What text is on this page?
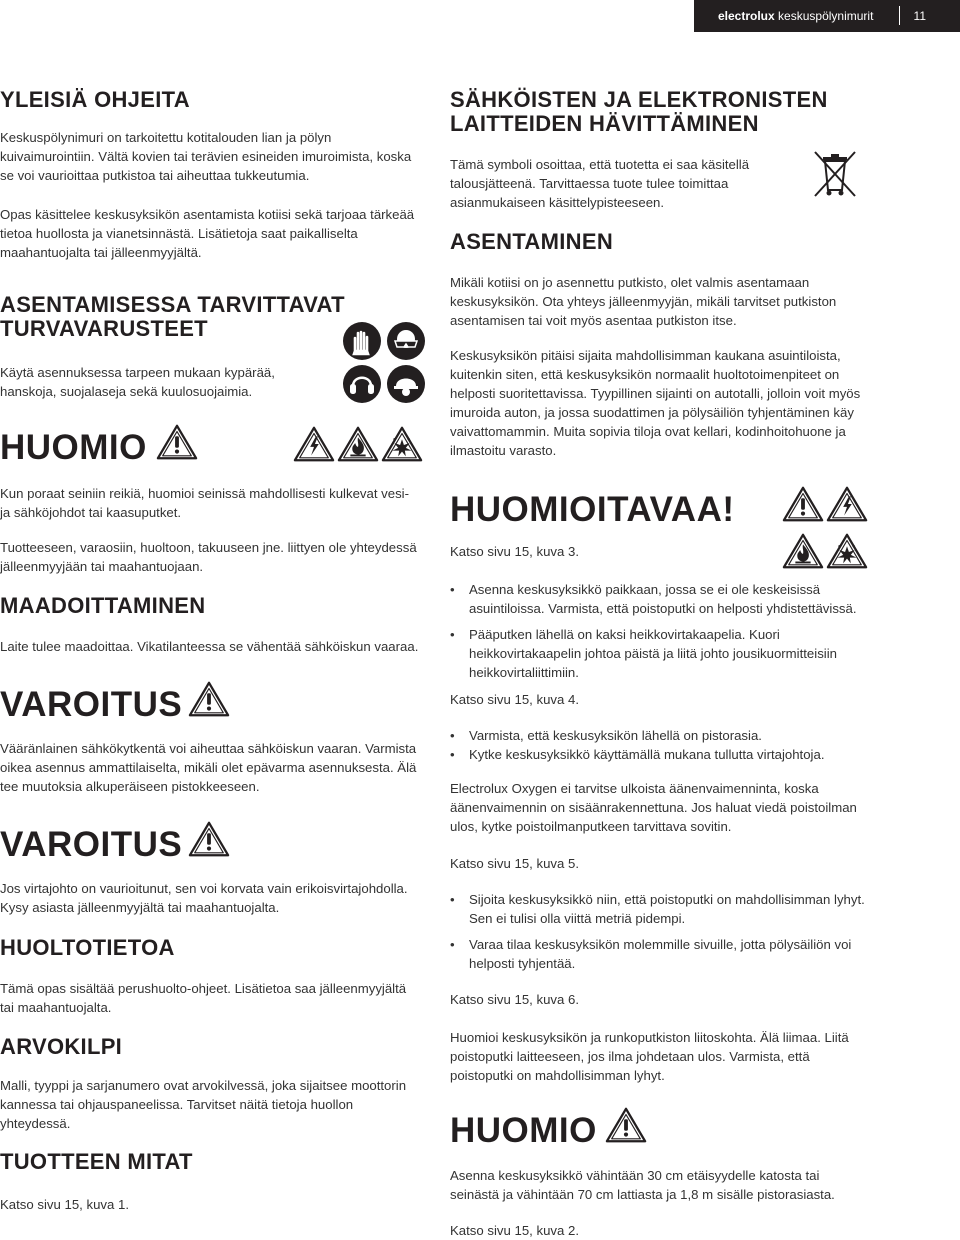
electrolux keskuspölynimurit	11
YLEISIÄ OHJEITA

Keskuspölynimuri on tarkoitettu kotitalouden lian ja pölyn kuivaimurointiin. Vältä kovien tai terävien esineiden imuroimista, koska se voi vaurioittaa putkistoa tai aiheuttaa tukkeutumia.

Opas käsittelee keskusyksikön asentamista kotiisi sekä tarjoaa tärkeää tietoa huollosta ja vianetsinnästä. Lisätietoja saat paikalliselta maahantuojalta tai jälleenmyyjältä.

ASENTAMISESSA TARVITTAVAT
TURVAVARUSTEET

Käytä asennuksessa tarpeen mukaan kypärää, hanskoja, suojalaseja sekä kuulosuojaimia.

HUOMIO

Kun poraat seiniin reikiä, huomioi seinissä mahdollisesti kulkevat vesi- ja sähköjohdot tai kaasuputket.

Tuotteeseen, varaosiin, huoltoon, takuuseen jne. liittyen ole yhteydessä jälleenmyyjään tai maahantuojaan.

MAADOITTAMINEN

Laite tulee maadoittaa. Vikatilanteessa se vähentää sähköiskun vaaraa.

VAROITUS

Vääränlainen sähkökytkentä voi aiheuttaa sähköiskun vaaran. Varmista oikea asennus ammattilaiselta, mikäli olet epävarma asennuksesta. Älä tee muutoksia alkuperäiseen pistokkeeseen.

VAROITUS

Jos virtajohto on vaurioitunut, sen voi korvata vain erikoisvirtajohdolla. Kysy asiasta jälleenmyyjältä tai maahantuojalta.

HUOLTOTIETOA

Tämä opas sisältää perushuolto-ohjeet. Lisätietoa saa jälleenmyyjältä tai maahantuojalta.

ARVOKILPI

Malli, tyyppi ja sarjanumero ovat arvokilvessä, joka sijaitsee moottorin kannessa tai ohjauspaneelissa. Tarvitset näitä tietoja huollon yhteydessä.

TUOTTEEN MITAT

Katso sivu 15, kuva 1.

SÄHKÖISTEN JA ELEKTRONISTEN
LAITTEIDEN HÄVITTÄMINEN

Tämä symboli osoittaa, että tuotetta ei saa käsitellä talousjätteenä. Tarvittaessa tuote tulee toimittaa asianmukaiseen käsittelypisteeseen.

ASENTAMINEN

Mikäli kotiisi on jo asennettu putkisto, olet valmis asentamaan keskusyksikön. Ota yhteys jälleenmyyjän, mikäli tarvitset putkiston asentamisen tai voit myös asentaa putkiston itse.

Keskusyksikön pitäisi sijaita mahdollisimman kaukana asuintiloista, kuitenkin siten, että keskusyksikön normaalit huoltotoimenpiteet on helposti suoritettavissa. Tyypillinen sijainti on autotalli, jolloin voit myös imuroida auton, ja jossa suodattimen ja pölysäiliön tyhjentäminen käy vaivattomammin. Muita sopivia tiloja ovat kellari, kodinhoitohuone ja ilmastoitu varasto.

HUOMIOITAVAA!

Katso sivu 15, kuva 3.

• Asenna keskusyksikkö paikkaan, jossa se ei ole keskeisissä asuintiloissa. Varmista, että poistoputki on helposti yhdistettävissä.
• Pääputken lähellä on kaksi heikkovirtakaapelia. Kuori heikkovirtakaapelin johtoa päistä ja liitä johto jousikuormitteisiin heikkovirtaliittimiin.

Katso sivu 15, kuva 4.

• Varmista, että keskusyksikön lähellä on pistorasia.
• Kytke keskusyksikkö käyttämällä mukana tullutta virtajohtoja.

Electrolux Oxygen ei tarvitse ulkoista äänenvaimenninta, koska äänenvaimennin on sisäänrakennettuna. Jos haluat viedä poistoilman ulos, kytke poistoilmanputkeen tarvittava sovitin.

Katso sivu 15, kuva 5.

• Sijoita keskusyksikkö niin, että poistoputki on mahdollisimman lyhyt. Sen ei tulisi olla viittä metriä pidempi.
• Varaa tilaa keskusyksikön molemmille sivuille, jotta pölysäiliön voi helposti tyhjentää.

Katso sivu 15, kuva 6.

Huomioi keskusyksikön ja runkoputkiston liitoskohta. Älä liimaa. Liitä poistoputki laitteeseen, jos ilma johdetaan ulos. Varmista, että poistoputki on mahdollisimman lyhyt.

HUOMIO

Asenna keskusyksikkö vähintään 30 cm etäisyydelle katosta tai seinästä ja vähintään 70 cm lattiasta ja 1,8 m sisälle pistorasiasta.

Katso sivu 15, kuva 2.
